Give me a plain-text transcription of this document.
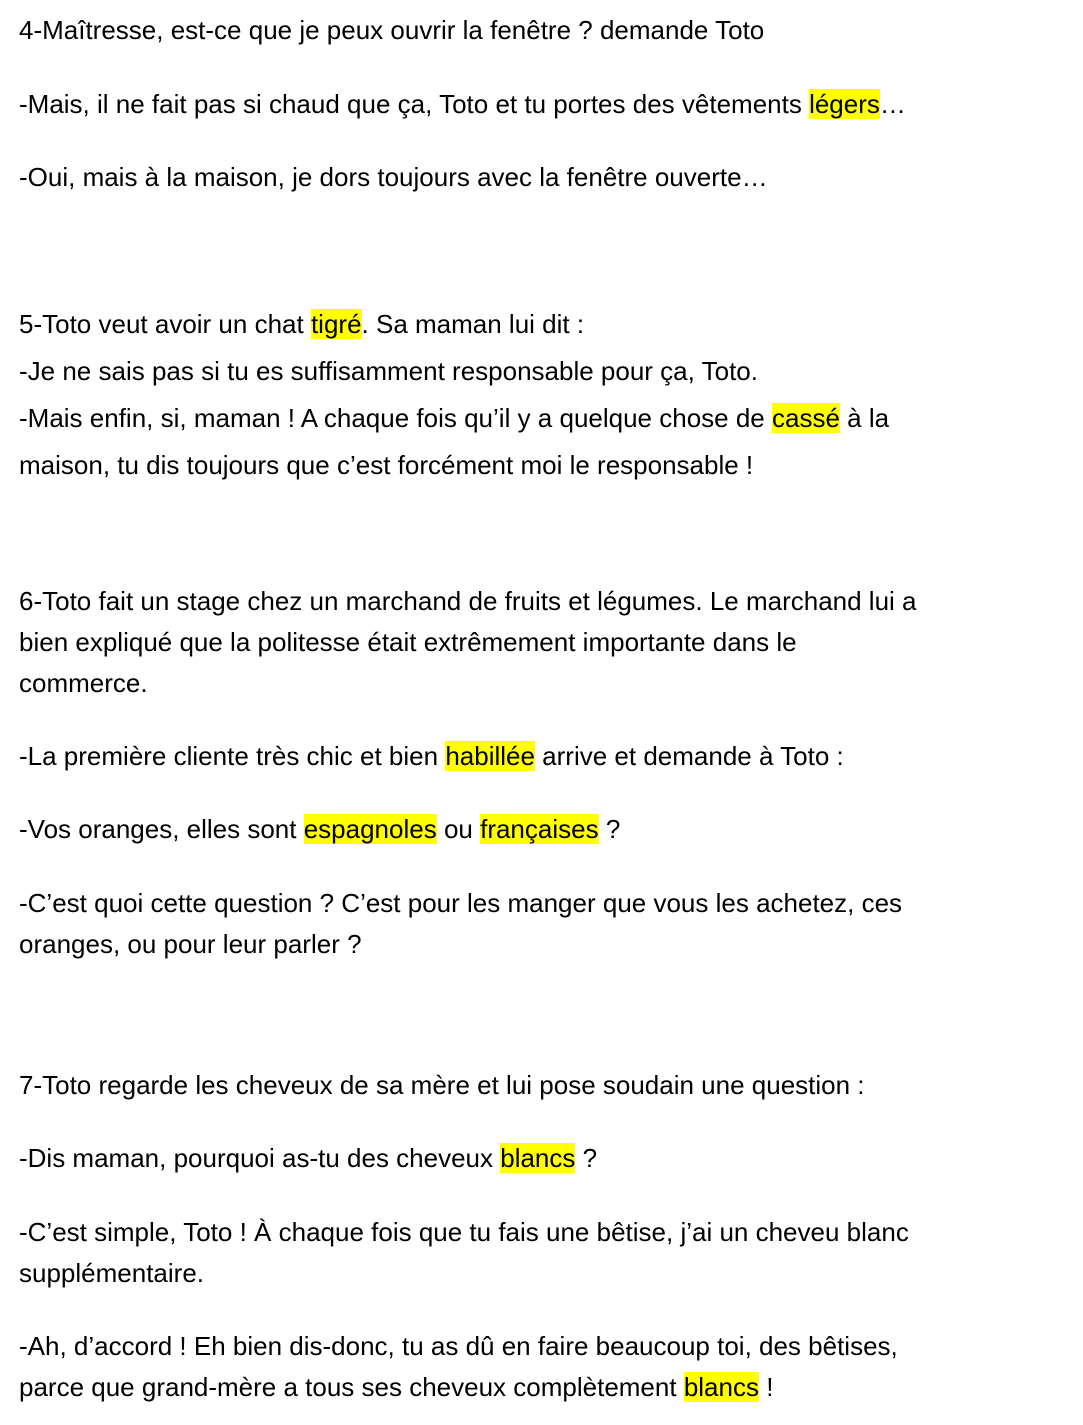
4-Maîtresse, est-ce que je peux ouvrir la fenêtre ? demande Toto
-Mais, il ne fait pas si chaud que ça, Toto et tu portes des vêtements légers…
-Oui, mais à la maison, je dors toujours avec la fenêtre ouverte…
5-Toto veut avoir un chat tigré. Sa maman lui dit :
-Je ne sais pas si tu es suffisamment responsable pour ça, Toto.
-Mais enfin, si, maman ! A chaque fois qu’il y a quelque chose de cassé à la
maison, tu dis toujours que c’est forcément moi le responsable !
6-Toto fait un stage chez un marchand de fruits et légumes. Le marchand lui a
bien expliqué que la politesse était extrêmement importante dans le
commerce.
-La première cliente très chic et bien habillée arrive et demande à Toto :
-Vos oranges, elles sont espagnoles ou françaises ?
-C’est quoi cette question ? C’est pour les manger que vous les achetez, ces
oranges, ou pour leur parler ?
7-Toto regarde les cheveux de sa mère et lui pose soudain une question :
-Dis maman, pourquoi as-tu des cheveux blancs ?
-C’est simple, Toto ! À chaque fois que tu fais une bêtise, j’ai un cheveu blanc
supplémentaire.
-Ah, d’accord ! Eh bien dis-donc, tu as dû en faire beaucoup toi, des bêtises,
parce que grand-mère a tous ses cheveux complètement blancs !
